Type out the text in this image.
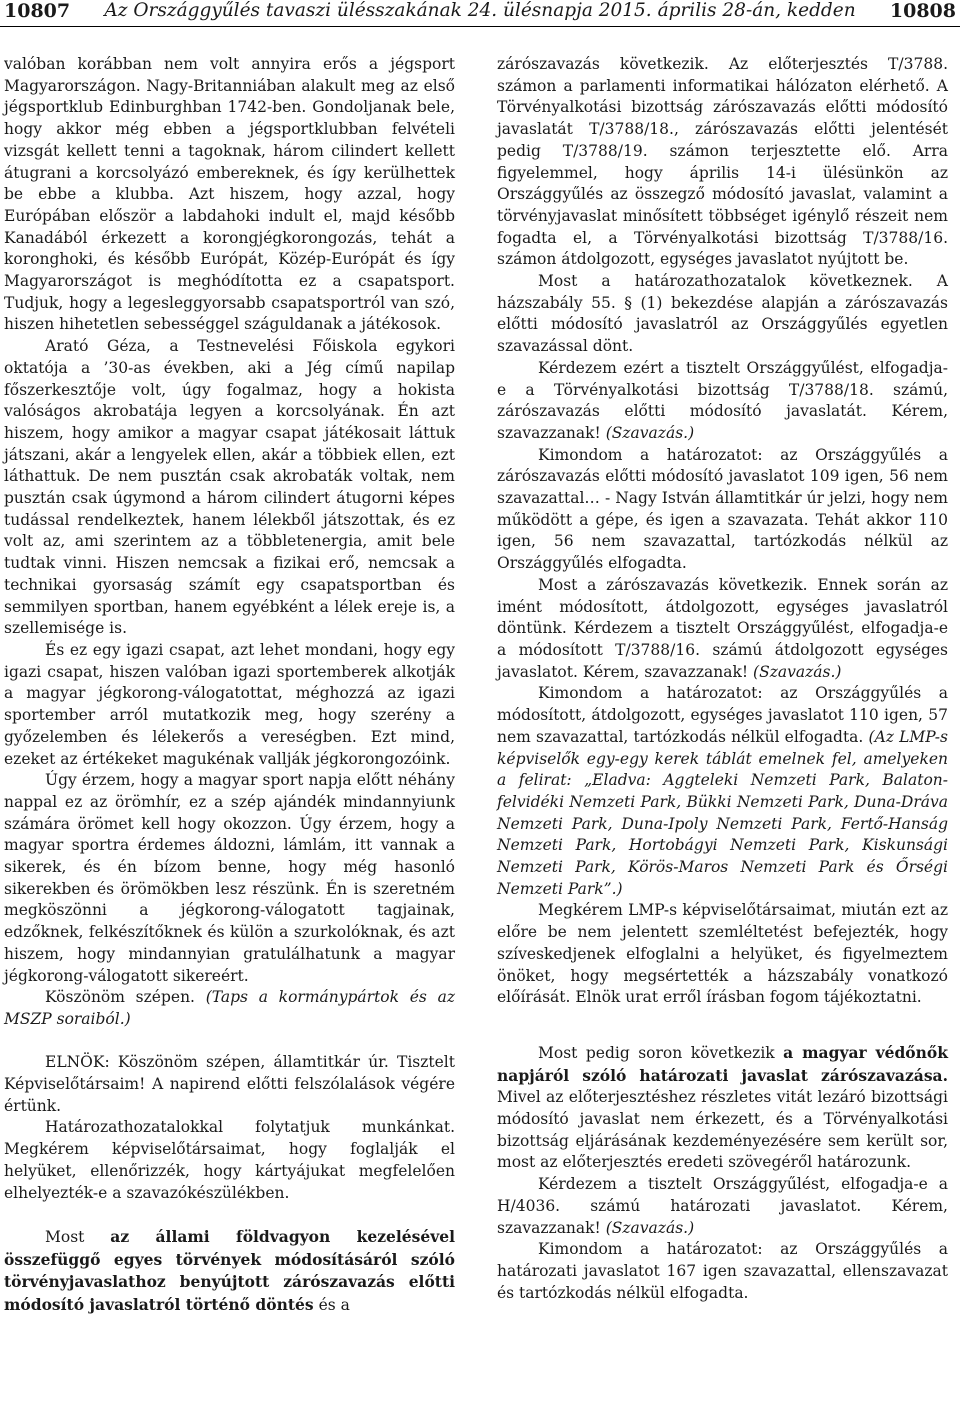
10807	Az Országgyűlés tavaszi ülésszakának 24. ülésnapja 2015. április 28-án, kedden	10808

valóban korábban nem volt annyira erős a jégsport Magyarországon. Nagy-Britanniában alakult meg az első jégsportklub Edinburghban 1742-ben. Gondoljanak bele, hogy akkor még ebben a jégsportklubban felvételi vizsgát kellett tenni a tagoknak, három cilindert kellett átugrani a korcsolyázó embereknek, és így kerülhettek be ebbe a klubba. Azt hiszem, hogy azzal, hogy Európában először a labdahoki indult el, majd később Kanadából érkezett a korongjégkorongozás, tehát a koronghoki, és később Európát, Közép-Európát és így Magyarországot is meghódította ez a csapatsport. Tudjuk, hogy a legesleggyorsabb csapatsportról van szó, hiszen hihetetlen sebességgel száguldanak a játékosok.

Arató Géza, a Testnevelési Főiskola egykori oktatója a ’30-as években, aki a Jég című napilap főszerkesztője volt, úgy fogalmaz, hogy a hokista valóságos akrobatája legyen a korcsolyának. Én azt hiszem, hogy amikor a magyar csapat játékosait láttuk játszani, akár a lengyelek ellen, akár a többiek ellen, ezt láthattuk. De nem pusztán csak akrobaták voltak, nem pusztán csak úgymond a három cilindert átugorni képes tudással rendelkeztek, hanem lélekből játszottak, és ez volt az, ami szerintem az a többletenergia, amit bele tudtak vinni. Hiszen nemcsak a fizikai erő, nemcsak a technikai gyorsaság számít egy csapatsportban és semmilyen sportban, hanem egyébként a lélek ereje is, a szellemisége is.

És ez egy igazi csapat, azt lehet mondani, hogy egy igazi csapat, hiszen valóban igazi sportemberek alkotják a magyar jégkorong-válogatottat, méghozzá az igazi sportember arról mutatkozik meg, hogy szerény a győzelemben és lélekerős a vereségben. Ezt mind, ezeket az értékeket magukénak vallják jégkorongozóink.

Úgy érzem, hogy a magyar sport napja előtt néhány nappal ez az örömhír, ez a szép ajándék mindannyiunk számára örömet kell hogy okozzon. Úgy érzem, hogy a magyar sportra érdemes áldozni, lámlám, itt vannak a sikerek, és én bízom benne, hogy még hasonló sikerekben és örömökben lesz részünk. Én is szeretném megköszönni a jégkorong-válogatott tagjainak, edzőknek, felkészítőknek és külön a szurkolóknak, és azt hiszem, hogy mindannyian gratulálhatunk a magyar jégkorong-válogatott sikereért.

Köszönöm szépen. (Taps a kormánypártok és az MSZP soraiból.)

ELNÖK: Köszönöm szépen, államtitkár úr. Tisztelt Képviselőtársaim! A napirend előtti felszólalások végére értünk.

Határozathozatalokkal folytatjuk munkánkat. Megkérem képviselőtársaimat, hogy foglalják el helyüket, ellenőrizzék, hogy kártyájukat megfelelően elhelyezték-e a szavazókészülékben.

Most az állami földvagyon kezelésével összefüggő egyes törvények módosításáról szóló törvényjavaslathoz benyújtott zárószavazás előtti módosító javaslatról történő döntés és a

zárószavazás következik. Az előterjesztés T/3788. számon a parlamenti informatikai hálózaton elérhető. A Törvényalkotási bizottság zárószavazás előtti módosító javaslatát T/3788/18., zárószavazás előtti jelentését pedig T/3788/19. számon terjesztette elő. Arra figyelemmel, hogy április 14-i ülésünkön az Országgyűlés az összegző módosító javaslat, valamint a törvényjavaslat minősített többséget igénylő részeit nem fogadta el, a Törvényalkotási bizottság T/3788/16. számon átdolgozott, egységes javaslatot nyújtott be.

Most a határozathozatalok következnek. A házszabály 55. § (1) bekezdése alapján a zárószavazás előtti módosító javaslatról az Országgyűlés egyetlen szavazással dönt.

Kérdezem ezért a tisztelt Országgyűlést, elfogadja-e a Törvényalkotási bizottság T/3788/18. számú, zárószavazás előtti módosító javaslatát. Kérem, szavazzanak! (Szavazás.)

Kimondom a határozatot: az Országgyűlés a zárószavazás előtti módosító javaslatot 109 igen, 56 nem szavazattal… - Nagy István államtitkár úr jelzi, hogy nem működött a gépe, és igen a szavazata. Tehát akkor 110 igen, 56 nem szavazattal, tartózkodás nélkül az Országgyűlés elfogadta.

Most a zárószavazás következik. Ennek során az imént módosított, átdolgozott, egységes javaslatról döntünk. Kérdezem a tisztelt Országgyűlést, elfogadja-e a módosított T/3788/16. számú átdolgozott egységes javaslatot. Kérem, szavazzanak! (Szavazás.)

Kimondom a határozatot: az Országgyűlés a módosított, átdolgozott, egységes javaslatot 110 igen, 57 nem szavazattal, tartózkodás nélkül elfogadta. (Az LMP-s képviselők egy-egy kerek táblát emelnek fel, amelyeken a felirat: „Eladva: Aggteleki Nemzeti Park, Balaton-felvidéki Nemzeti Park, Bükki Nemzeti Park, Duna-Dráva Nemzeti Park, Duna-Ipoly Nemzeti Park, Fertő-Hanság Nemzeti Park, Hortobágyi Nemzeti Park, Kiskunsági Nemzeti Park, Körös-Maros Nemzeti Park és Őrségi Nemzeti Park”.)

Megkérem LMP-s képviselőtársaimat, miután ezt az előre be nem jelentett szemléltetést befejezték, hogy szíveskedjenek elfoglalni a helyüket, és figyelmeztem önöket, hogy megsértették a házszabály vonatkozó előírását. Elnök urat erről írásban fogom tájékoztatni.

Most pedig soron következik a magyar védőnők napjáról szóló határozati javaslat zárószavazása. Mivel az előterjesztéshez részletes vitát lezáró bizottsági módosító javaslat nem érkezett, és a Törvényalkotási bizottság eljárásának kezdeményezésére sem került sor, most az előterjesztés eredeti szövegéről határozunk.

Kérdezem a tisztelt Országgyűlést, elfogadja-e a H/4036. számú határozati javaslatot. Kérem, szavazzanak! (Szavazás.)

Kimondom a határozatot: az Országgyűlés a határozati javaslatot 167 igen szavazattal, ellenszavazat és tartózkodás nélkül elfogadta.
